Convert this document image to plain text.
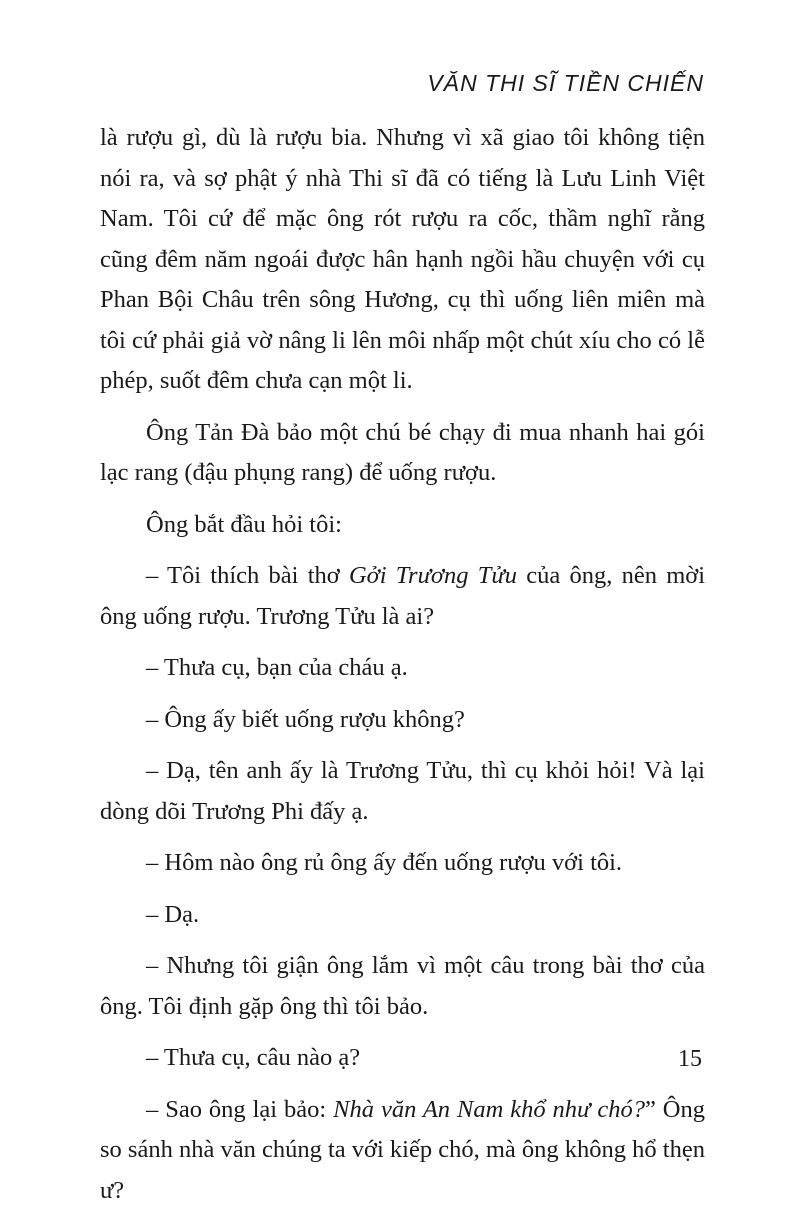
VĂN THI SĨ TIỀN CHIẾN

là rượu gì, dù là rượu bia. Nhưng vì xã giao tôi không tiện nói ra, và sợ phật ý nhà Thi sĩ đã có tiếng là Lưu Linh Việt Nam. Tôi cứ để mặc ông rót rượu ra cốc, thầm nghĩ rằng cũng đêm năm ngoái được hân hạnh ngồi hầu chuyện với cụ Phan Bội Châu trên sông Hương, cụ thì uống liên miên mà tôi cứ phải giả vờ nâng li lên môi nhấp một chút xíu cho có lễ phép, suốt đêm chưa cạn một li.

Ông Tản Đà bảo một chú bé chạy đi mua nhanh hai gói lạc rang (đậu phụng rang) để uống rượu.

Ông bắt đầu hỏi tôi:

– Tôi thích bài thơ Gởi Trương Tửu của ông, nên mời ông uống rượu. Trương Tửu là ai?

– Thưa cụ, bạn của cháu ạ.

– Ông ấy biết uống rượu không?

– Dạ, tên anh ấy là Trương Tửu, thì cụ khỏi hỏi! Và lại dòng dõi Trương Phi đấy ạ.

– Hôm nào ông rủ ông ấy đến uống rượu với tôi.

– Dạ.

– Nhưng tôi giận ông lắm vì một câu trong bài thơ của ông. Tôi định gặp ông thì tôi bảo.

– Thưa cụ, câu nào ạ?

– Sao ông lại bảo: Nhà văn An Nam khổ như chó?” Ông so sánh nhà văn chúng ta với kiếp chó, mà ông không hổ thẹn ư?

15
